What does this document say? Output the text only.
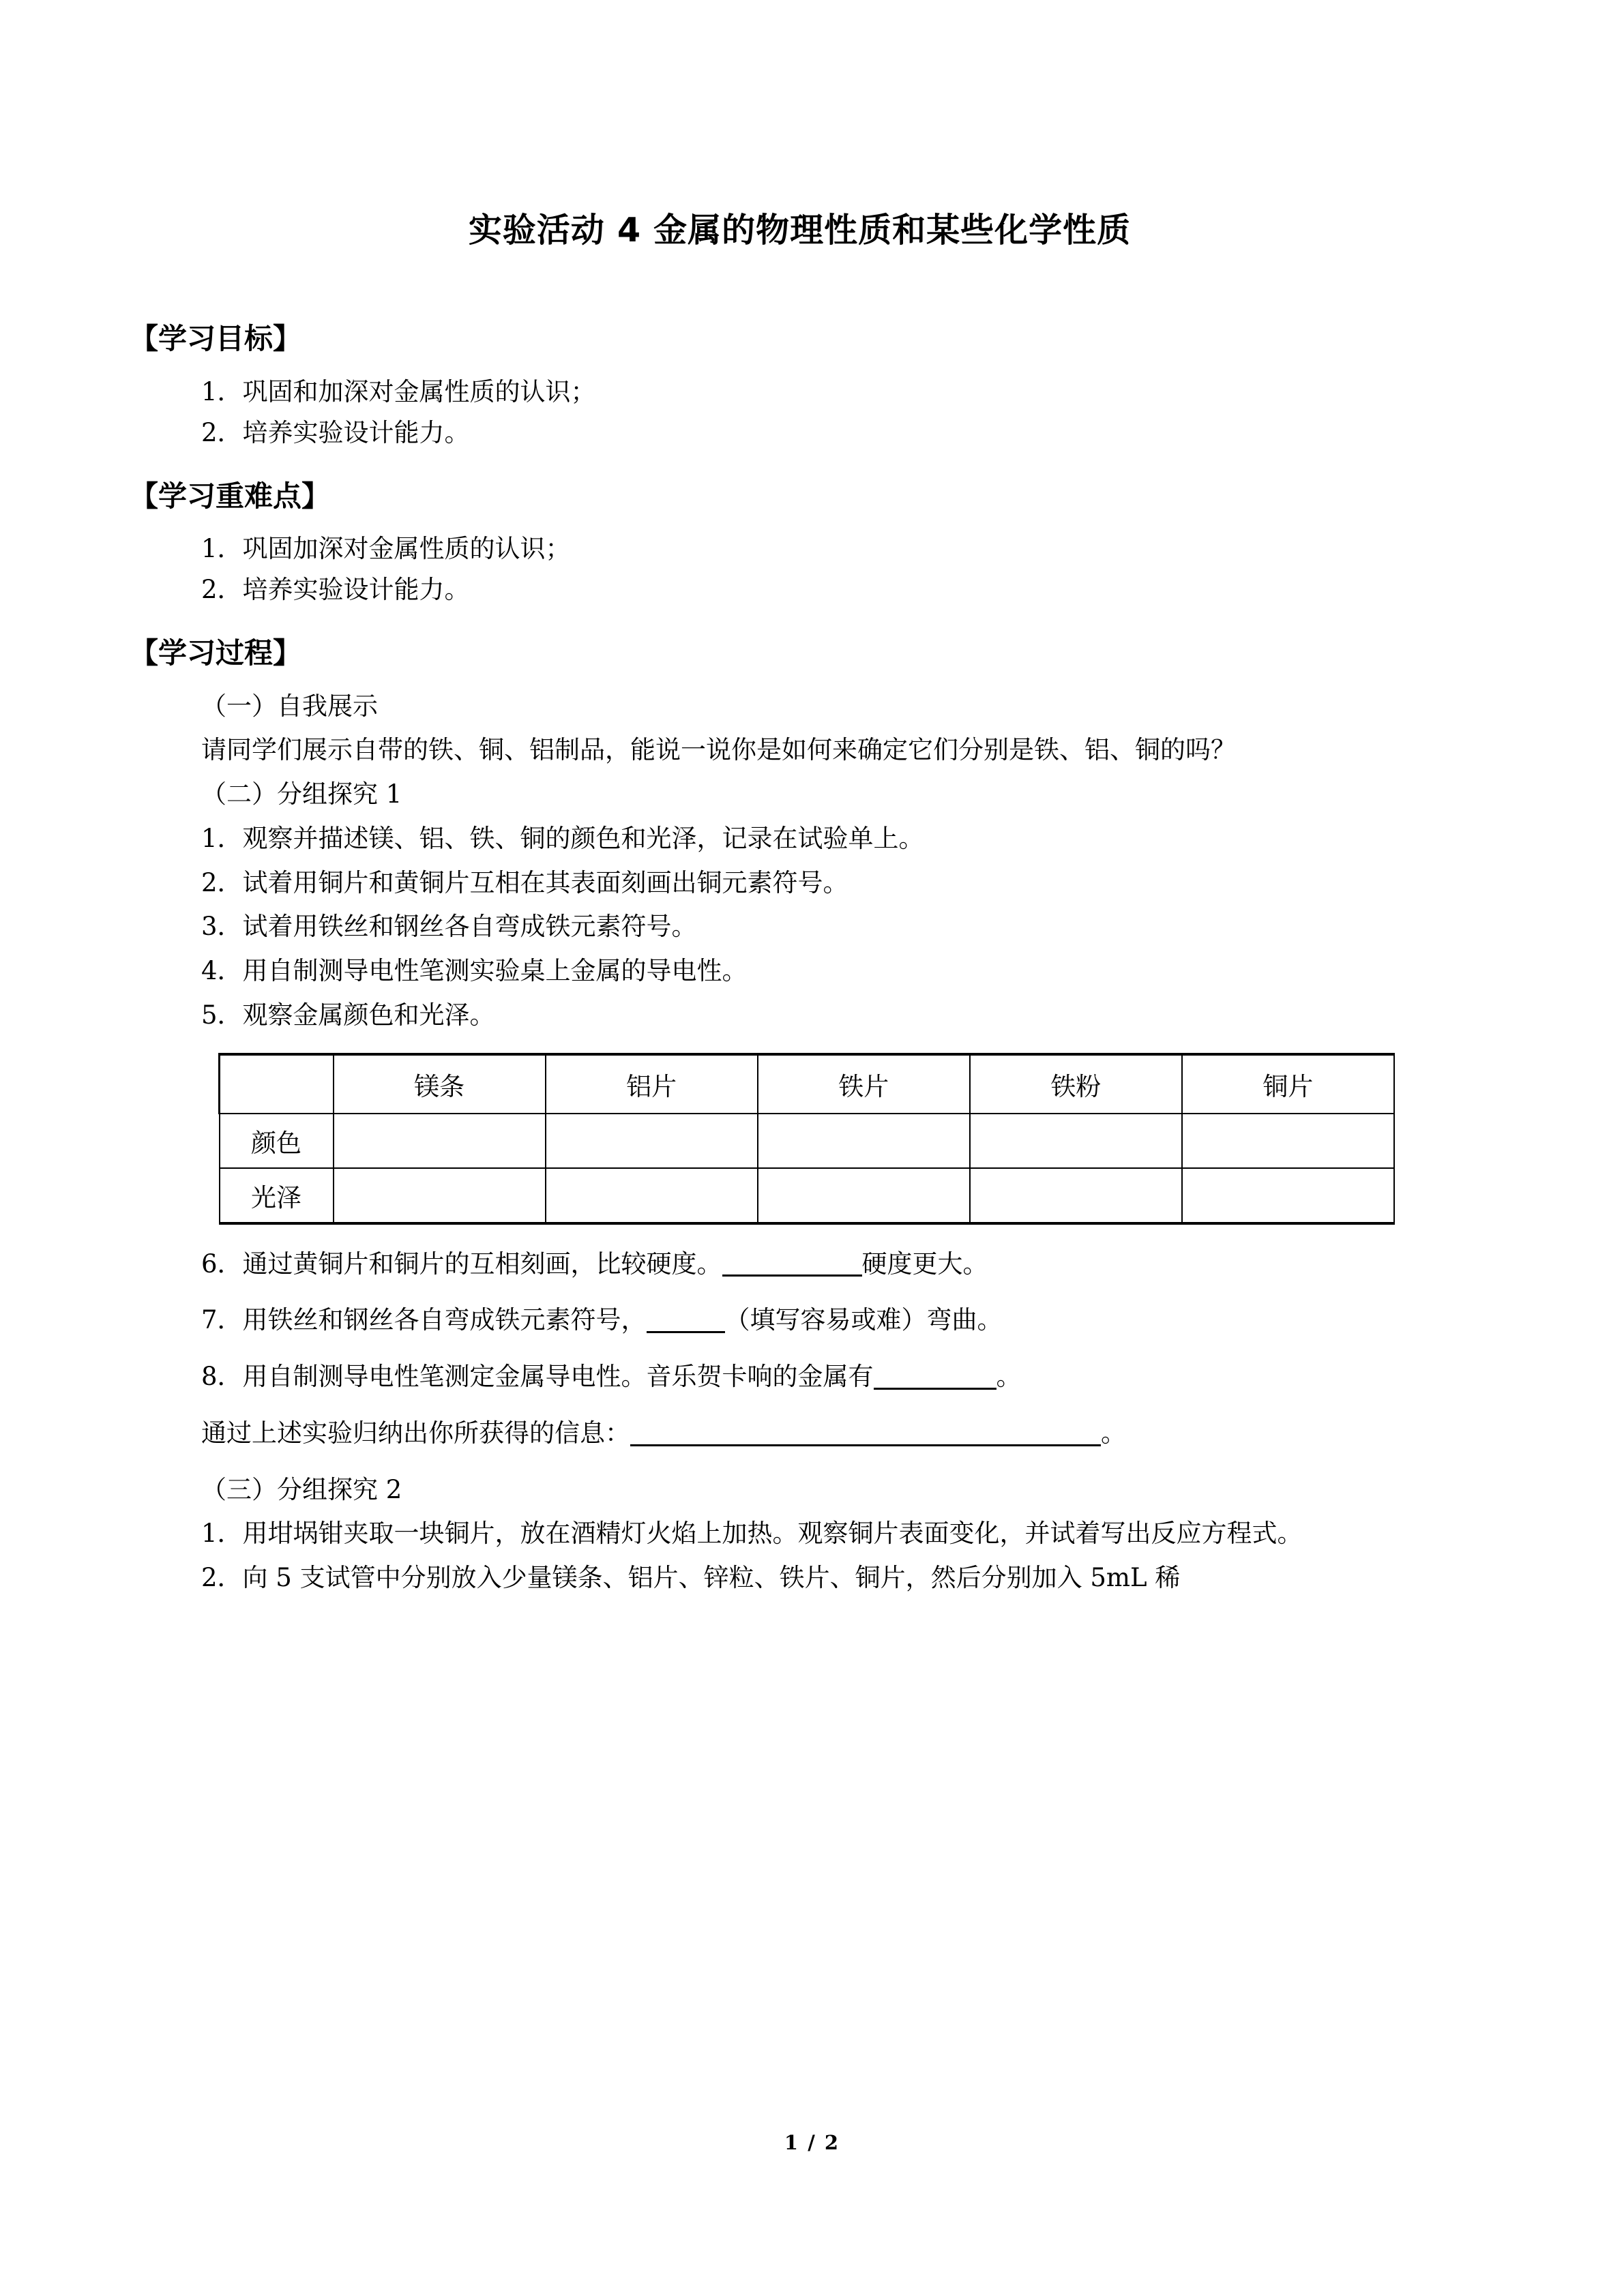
实验活动 4 金属的物理性质和某些化学性质
【学习目标】
1．巩固和加深对金属性质的认识；
2．培养实验设计能力。
【学习重难点】
1．巩固加深对金属性质的认识；
2．培养实验设计能力。
【学习过程】
（一）自我展示
请同学们展示自带的铁、铜、铝制品，能说一说你是如何来确定它们分别是铁、铝、铜的吗？
（二）分组探究 1
1．观察并描述镁、铝、铁、铜的颜色和光泽，记录在试验单上。
2．试着用铜片和黄铜片互相在其表面刻画出铜元素符号。
3．试着用铁丝和钢丝各自弯成铁元素符号。
4．用自制测导电性笔测实验桌上金属的导电性。
5．观察金属颜色和光泽。
	镁条	铝片	铁片	铁粉	铜片
颜色					
光泽					
6．通过黄铜片和铜片的互相刻画，比较硬度。	硬度更大。
7．用铁丝和钢丝各自弯成铁元素符号，	（填写容易或难）弯曲。
8．用自制测导电性笔测定金属导电性。音乐贺卡响的金属有	。
通过上述实验归纳出你所获得的信息：	。
（三）分组探究 2
1．用坩埚钳夹取一块铜片，放在酒精灯火焰上加热。观察铜片表面变化，并试着写出反应方程式。
2．向 5 支试管中分别放入少量镁条、铝片、锌粒、铁片、铜片，然后分别加入 5mL 稀
1 / 2
